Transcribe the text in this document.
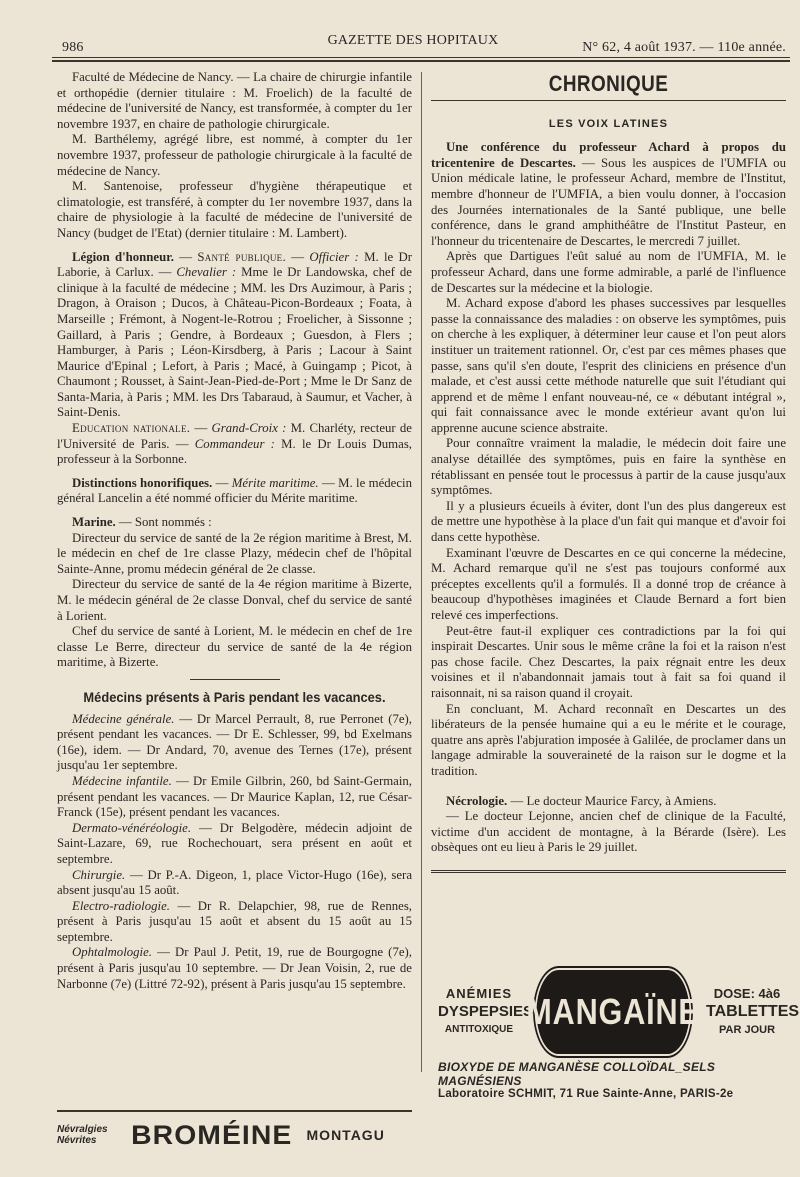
986	GAZETTE DES HOPITAUX	N° 62, 4 août 1937. — 110e année.

Faculté de Médecine de Nancy. — La chaire de chirurgie infantile et orthopédie (dernier titulaire : M. Froelich) de la faculté de médecine de l'université de Nancy, est transformée, à compter du 1er novembre 1937, en chaire de pathologie chirurgicale.

M. Barthélemy, agrégé libre, est nommé, à compter du 1er novembre 1937, professeur de pathologie chirurgicale à la faculté de médecine de Nancy.

M. Santenoise, professeur d'hygiène thérapeutique et climatologie, est transféré, à compter du 1er novembre 1937, dans la chaire de physiologie à la faculté de médecine de l'université de Nancy (budget de l'Etat) (dernier titulaire : M. Lambert).

Légion d'honneur. — Santé publique. — Officier : M. le Dr Laborie, à Carlux. — Chevalier : Mme le Dr Landowska, chef de clinique à la faculté de médecine ; MM. les Drs Auzimour, à Paris ; Dragon, à Oraison ; Ducos, à Château-Picon-Bordeaux ; Foata, à Marseille ; Frémont, à Nogent-le-Rotrou ; Froelicher, à Sissonne ; Gaillard, à Paris ; Gendre, à Bordeaux ; Guesdon, à Flers ; Hamburger, à Paris ; Léon-Kirsdberg, à Paris ; Lacour à Saint Maurice d'Epinal ; Lefort, à Paris ; Macé, à Guingamp ; Picot, à Chaumont ; Rousset, à Saint-Jean-Pied-de-Port ; Mme le Dr Sanz de Santa-Maria, à Paris ; MM. les Drs Tabaraud, à Saumur, et Vacher, à Saint-Denis.

Education nationale. — Grand-Croix : M. Charléty, recteur de l'Université de Paris. — Commandeur : M. le Dr Louis Dumas, professeur à la Sorbonne.

Distinctions honorifiques. — Mérite maritime. — M. le médecin général Lancelin a été nommé officier du Mérite maritime.

Marine. — Sont nommés :

Directeur du service de santé de la 2e région maritime à Brest, M. le médecin en chef de 1re classe Plazy, médecin chef de l'hôpital Sainte-Anne, promu médecin général de 2e classe.

Directeur du service de santé de la 4e région maritime à Bizerte, M. le médecin général de 2e classe Donval, chef du service de santé à Lorient.

Chef du service de santé à Lorient, M. le médecin en chef de 1re classe Le Berre, directeur du service de santé de la 4e région maritime, à Bizerte.

Médecins présents à Paris pendant les vacances.

Médecine générale. — Dr Marcel Perrault, 8, rue Perronet (7e), présent pendant les vacances. — Dr E. Schlesser, 99, bd Exelmans (16e), idem. — Dr Andard, 70, avenue des Ternes (17e), présent jusqu'au 1er septembre.

Médecine infantile. — Dr Emile Gilbrin, 260, bd Saint-Germain, présent pendant les vacances. — Dr Maurice Kaplan, 12, rue César-Franck (15e), présent pendant les vacances.

Dermato-vénéréologie. — Dr Belgodère, médecin adjoint de Saint-Lazare, 69, rue Rochechouart, sera présent en août et septembre.

Chirurgie. — Dr P.-A. Digeon, 1, place Victor-Hugo (16e), sera absent jusqu'au 15 août.

Electro-radiologie. — Dr R. Delapchier, 98, rue de Rennes, présent à Paris jusqu'au 15 août et absent du 15 août au 15 septembre.

Ophtalmologie. — Dr Paul J. Petit, 19, rue de Bourgogne (7e), présent à Paris jusqu'au 10 septembre. — Dr Jean Voisin, 2, rue de Narbonne (7e) (Littré 72-92), présent à Paris jusqu'au 15 septembre.

CHRONIQUE
LES VOIX LATINES

Une conférence du professeur Achard à propos du tricentenire de Descartes. — Sous les auspices de l'UMFIA ou Union médicale latine, le professeur Achard, membre de l'Institut, membre d'honneur de l'UMFIA, a bien voulu donner, à l'occasion des Journées internationales de la Santé publique, une belle conférence, dans le grand amphithéâtre de l'Institut Pasteur, en l'honneur du tricentenaire de Descartes, le mercredi 7 juillet.

Après que Dartigues l'eût salué au nom de l'UMFIA, M. le professeur Achard, dans une forme admirable, a parlé de l'influence de Descartes sur la médecine et la biologie.

M. Achard expose d'abord les phases successives par lesquelles passe la connaissance des maladies : on observe les symptômes, puis on cherche à les expliquer, à déterminer leur cause et l'on peut alors instituer un traitement rationnel. Or, c'est par ces mêmes phases que passe, sans qu'il s'en doute, l'esprit des cliniciens en présence d'un malade, et c'est aussi cette méthode naturelle que suit l'étudiant qui apprend et de même l enfant nouveau-né, ce « débutant intégral », qui fait connaissance avec le monde extérieur avant qu'on lui apprenne aucune science abstraite.

Pour connaître vraiment la maladie, le médecin doit faire une analyse détaillée des symptômes, puis en faire la synthèse en rétablissant en pensée tout le processus à partir de la cause jusqu'aux symptômes.

Il y a plusieurs écueils à éviter, dont l'un des plus dangereux est de mettre une hypothèse à la place d'un fait qui manque et d'avoir foi dans cette hypothèse.

Examinant l'œuvre de Descartes en ce qui concerne la médecine, M. Achard remarque qu'il ne s'est pas toujours conformé aux préceptes excellents qu'il a formulés. Il a donné trop de créance à beaucoup d'hypothèses imaginées et Claude Bernard a fort bien relevé ces imperfections.

Peut-être faut-il expliquer ces contradictions par la foi qui inspirait Descartes. Unir sous le même crâne la foi et la raison n'est pas chose facile. Chez Descartes, la paix régnait entre les deux voisines et il n'abandonnait jamais tout à fait sa foi quand il raisonnait, ni sa raison quand il croyait.

En concluant, M. Achard reconnaît en Descartes un des libérateurs de la pensée humaine qui a eu le mérite et le courage, quatre ans après l'abjuration imposée à Galilée, de proclamer dans un langage admirable la souveraineté de la raison sur le dogme et la tradition.

Nécrologie. — Le docteur Maurice Farcy, à Amiens.

— Le docteur Lejonne, ancien chef de clinique de la Faculté, victime d'un accident de montagne, à la Bérarde (Isère). Les obsèques ont eu lieu à Paris le 29 juillet.

ANÉMIES
DYSPEPSIES
ANTITOXIQUE MANGAÏNE	DOSE: 4à6
TABLETTES
PAR JOUR
BIOXYDE DE MANGANÈSE COLLOÏDAL_SELS MAGNÉSIENS
Laboratoire SCHMIT, 71 Rue Sainte-Anne, PARIS-2e
Névralgies
Névrites	BROMÉINE MONTAGU
